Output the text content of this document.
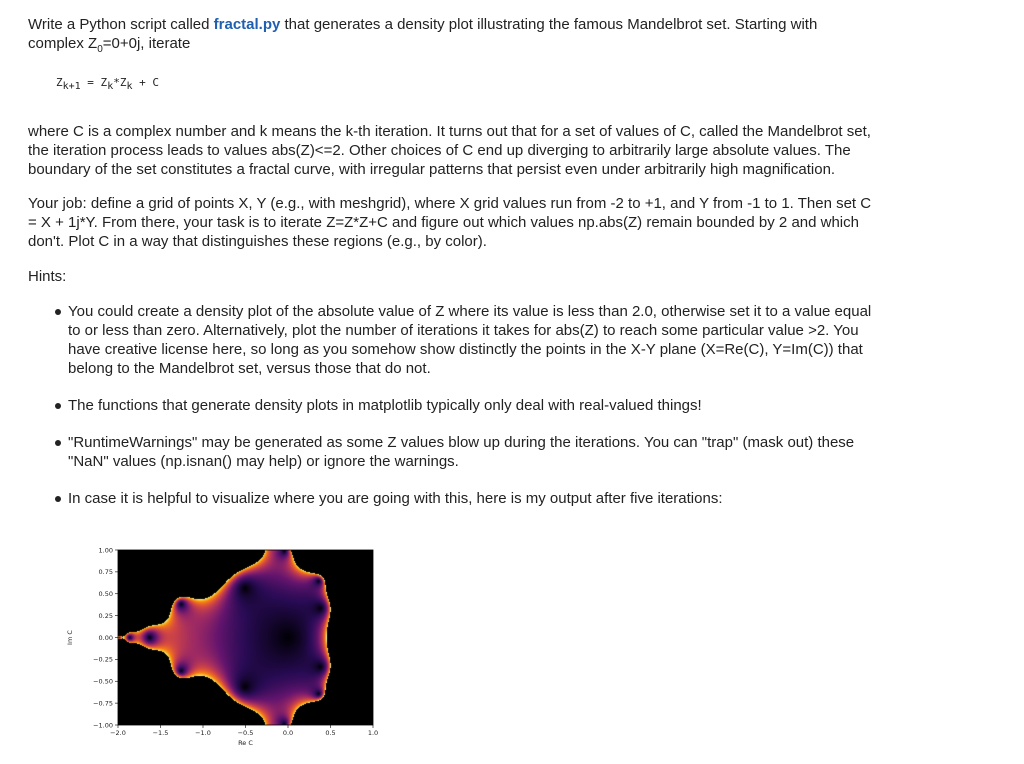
Write a Python script called fractal.py that generates a density plot illustrating the famous Mandelbrot set. Starting with
complex $Z_0=0+0j$, iterate

$Z_{k+1} = Z_k*Z_k + C$

where C is a complex number and k means the k-th iteration. It turns out that for a set of values of C, called the Mandelbrot set,
the iteration process leads to values abs(Z)<=2. Other choices of C end up diverging to arbitrarily large absolute values. The
boundary of the set constitutes a fractal curve, with irregular patterns that persist even under arbitrarily high magnification.

Your job: define a grid of points X, Y (e.g., with meshgrid), where X grid values run from -2 to +1, and Y from -1 to 1. Then set C
= X + 1j*Y. From there, your task is to iterate Z=Z*Z+C and figure out which values np.abs(Z) remain bounded by 2 and which
don't. Plot C in a way that distinguishes these regions (e.g., by color).

Hints:

You could create a density plot of the absolute value of Z where its value is less than 2.0, otherwise set it to a value equal
to or less than zero. Alternatively, plot the number of iterations it takes for abs(Z) to reach some particular value >2. You
have creative license here, so long as you somehow show distinctly the points in the X-Y plane (X=Re(C), Y=Im(C)) that
belong to the Mandelbrot set, versus those that do not.
The functions that generate density plots in matplotlib typically only deal with real-valued things!
"RuntimeWarnings" may be generated as some Z values blow up during the iterations. You can "trap" (mask out) these
"NaN" values (np.isnan() may help) or ignore the warnings.
In case it is helpful to visualize where you are going with this, here is my output after five iterations:
−2.0	−1.5	−1.0	−0.5	0.0	0.5	1.0
1.00
0.75
0.50
0.25
0.00
−0.25
−0.50
−0.75
−1.00
Re C
Im C
